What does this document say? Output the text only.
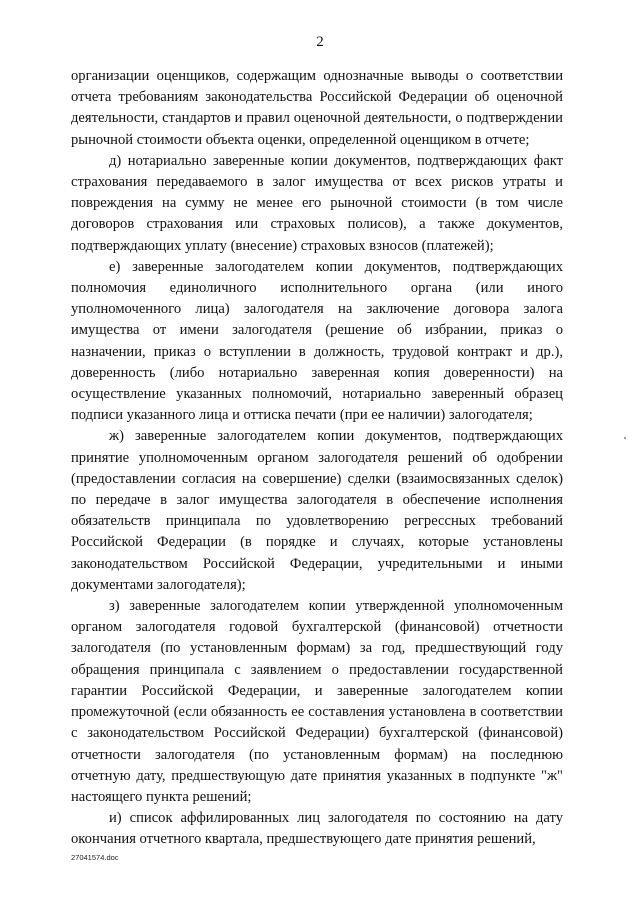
2

организации оценщиков, содержащим однозначные выводы о соответствии отчета требованиям законодательства Российской Федерации об оценочной деятельности, стандартов и правил оценочной деятельности, о подтверждении рыночной стоимости объекта оценки, определенной оценщиком в отчете;

д) нотариально заверенные копии документов, подтверждающих факт страхования передаваемого в залог имущества от всех рисков утраты и повреждения на сумму не менее его рыночной стоимости (в том числе договоров страхования или страховых полисов), а также документов, подтверждающих уплату (внесение) страховых взносов (платежей);

е) заверенные залогодателем копии документов, подтверждающих полномочия единоличного исполнительного органа (или иного уполномоченного лица) залогодателя на заключение договора залога имущества от имени залогодателя (решение об избрании, приказ о назначении, приказ о вступлении в должность, трудовой контракт и др.), доверенность (либо нотариально заверенная копия доверенности) на осуществление указанных полномочий, нотариально заверенный образец подписи указанного лица и оттиска печати (при ее наличии) залогодателя;

ж) заверенные залогодателем копии документов, подтверждающих принятие уполномоченным органом залогодателя решений об одобрении (предоставлении согласия на совершение) сделки (взаимосвязанных сделок) по передаче в залог имущества залогодателя в обеспечение исполнения обязательств принципала по удовлетворению регрессных требований Российской Федерации (в порядке и случаях, которые установлены законодательством Российской Федерации, учредительными и иными документами залогодателя);

з) заверенные залогодателем копии утвержденной уполномоченным органом залогодателя годовой бухгалтерской (финансовой) отчетности залогодателя (по установленным формам) за год, предшествующий году обращения принципала с заявлением о предоставлении государственной гарантии Российской Федерации, и заверенные залогодателем копии промежуточной (если обязанность ее составления установлена в соответствии с законодательством Российской Федерации) бухгалтерской (финансовой) отчетности залогодателя (по установленным формам) на последнюю отчетную дату, предшествующую дате принятия указанных в подпункте "ж" настоящего пункта решений;

и) список аффилированных лиц залогодателя по состоянию на дату окончания отчетного квартала, предшествующего дате принятия решений,

27041574.doc
